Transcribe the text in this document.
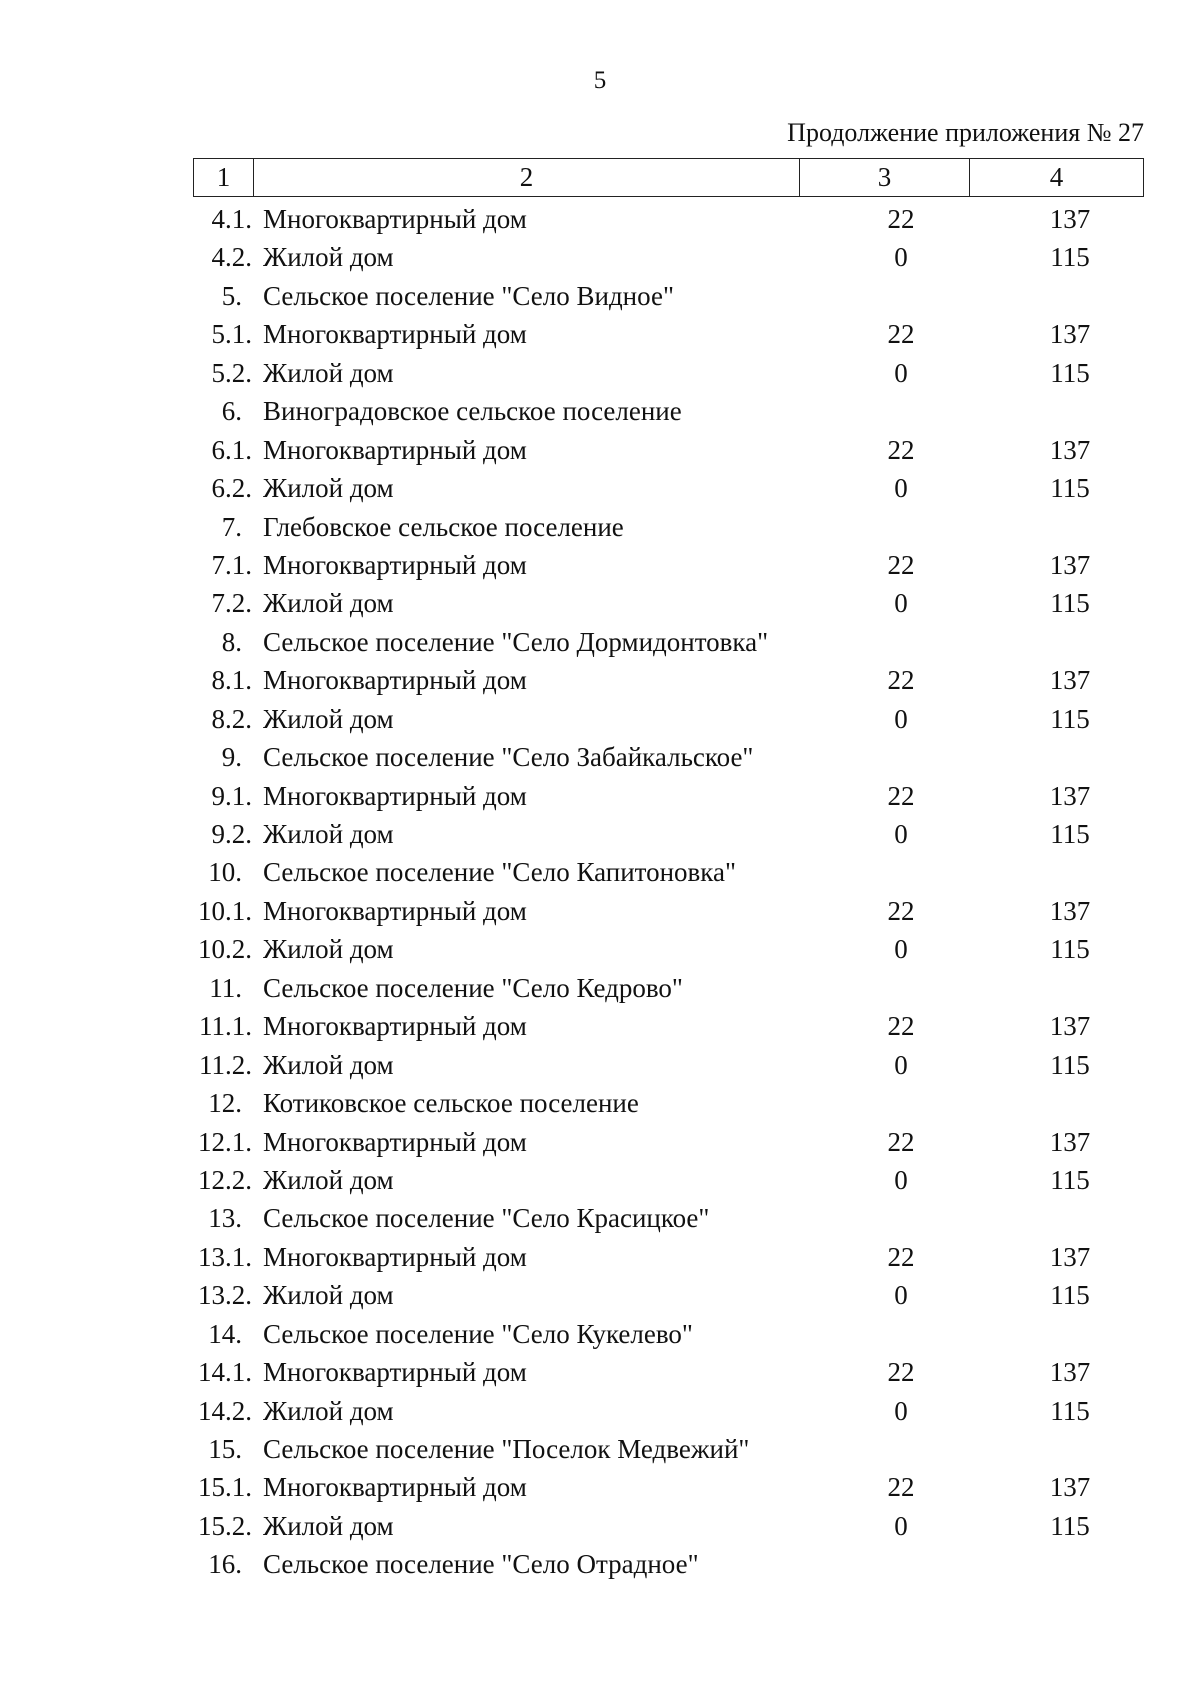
5
Продолжение приложения № 27
1	2	3	4
4.1. Многоквартирный дом	22	137
4.2. Жилой дом	0	115
5. Сельское поселение "Село Видное"
5.1. Многоквартирный дом	22	137
5.2. Жилой дом	0	115
6. Виноградовское сельское поселение
6.1. Многоквартирный дом	22	137
6.2. Жилой дом	0	115
7. Глебовское сельское поселение
7.1. Многоквартирный дом	22	137
7.2. Жилой дом	0	115
8. Сельское поселение "Село Дормидонтовка"
8.1. Многоквартирный дом	22	137
8.2. Жилой дом	0	115
9. Сельское поселение "Село Забайкальское"
9.1. Многоквартирный дом	22	137
9.2. Жилой дом	0	115
10. Сельское поселение "Село Капитоновка"
10.1. Многоквартирный дом	22	137
10.2. Жилой дом	0	115
11. Сельское поселение "Село Кедрово"
11.1. Многоквартирный дом	22	137
11.2. Жилой дом	0	115
12. Котиковское сельское поселение
12.1. Многоквартирный дом	22	137
12.2. Жилой дом	0	115
13. Сельское поселение "Село Красицкое"
13.1. Многоквартирный дом	22	137
13.2. Жилой дом	0	115
14. Сельское поселение "Село Кукелево"
14.1. Многоквартирный дом	22	137
14.2. Жилой дом	0	115
15. Сельское поселение "Поселок Медвежий"
15.1. Многоквартирный дом	22	137
15.2. Жилой дом	0	115
16. Сельское поселение "Село Отрадное"
